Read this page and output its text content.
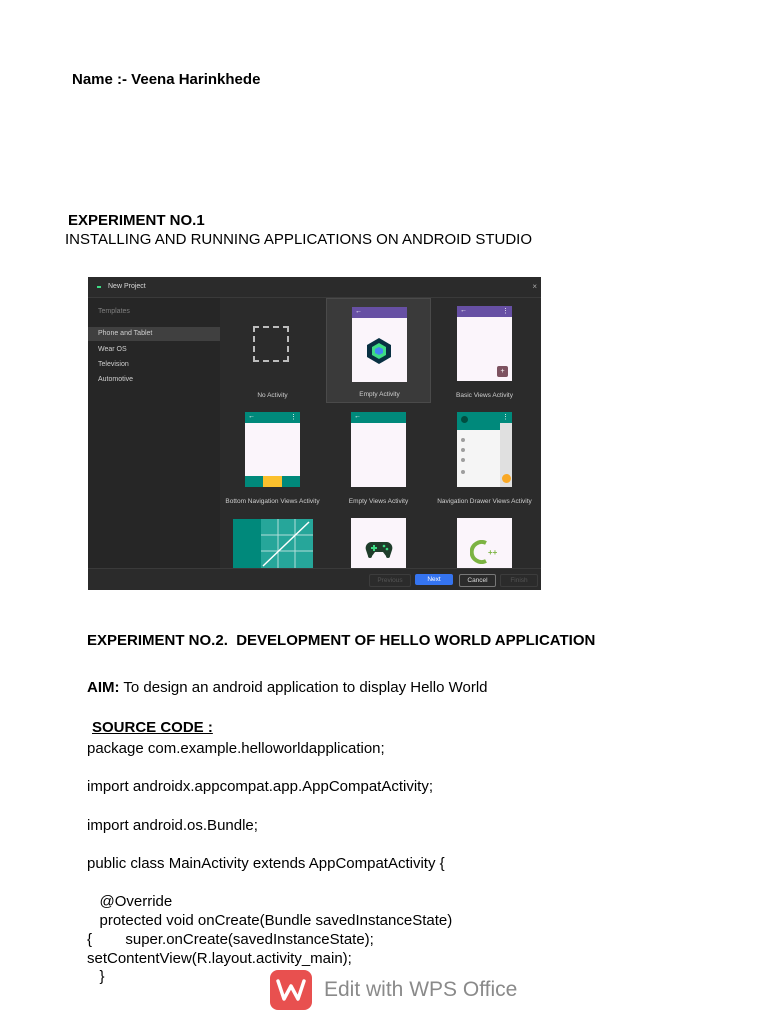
Name :- Veena Harinkhede
EXPERIMENT NO.1
INSTALLING AND RUNNING APPLICATIONS ON ANDROID STUDIO
New Project	×
Templates
Phone and Tablet
Wear OS
Television
Automotive
No Activity
←
Empty Activity
←	⋮
+
Basic Views Activity
←	⋮
Bottom Navigation Views Activity
←
Empty Views Activity
⋮
Navigation Drawer Views Activity
++
Previous	Next	Cancel	Finish
EXPERIMENT NO.2.  DEVELOPMENT OF HELLO WORLD APPLICATION
AIM: To design an android application to display Hello World
SOURCE CODE :
package com.example.helloworldapplication;
import androidx.appcompat.app.AppCompatActivity;
import android.os.Bundle;
public class MainActivity extends AppCompatActivity {
@Override
protected void onCreate(Bundle savedInstanceState)
{        super.onCreate(savedInstanceState);
setContentView(R.layout.activity_main);
}
Edit with WPS Office
